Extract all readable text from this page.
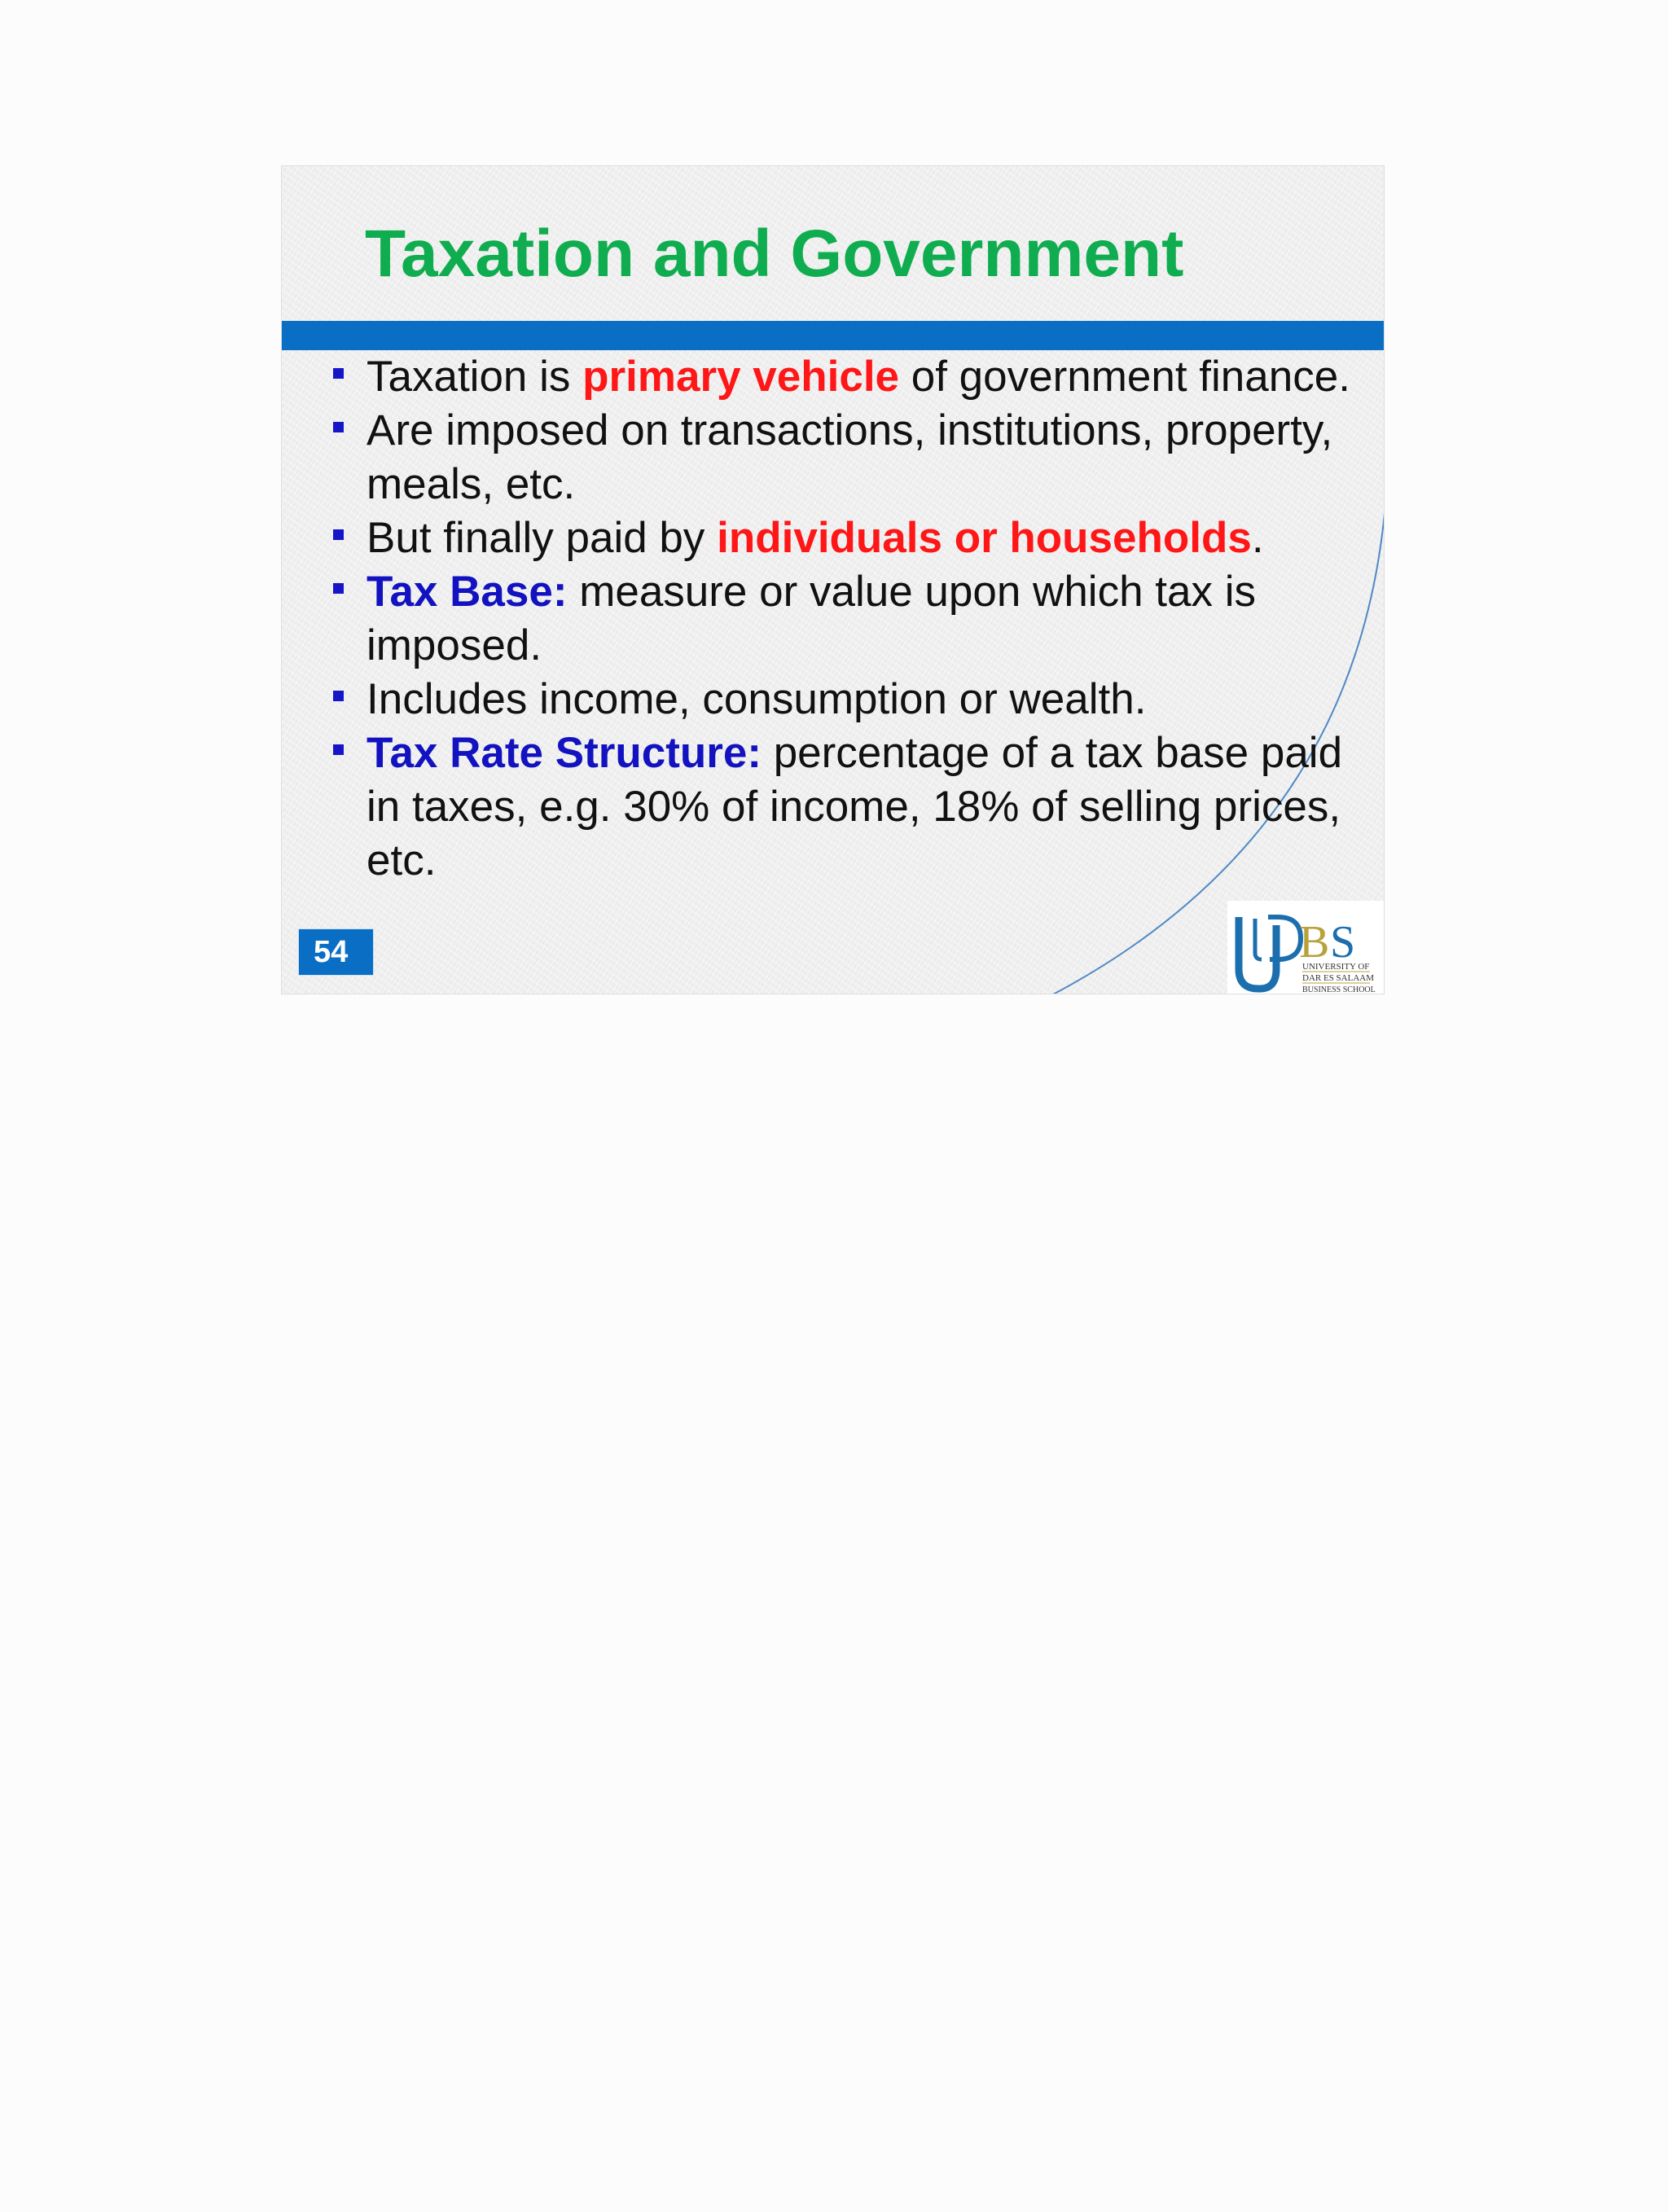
Taxation and Government
Taxation is primary vehicle of government finance.
Are imposed on transactions, institutions, property, meals, etc.
But finally paid by individuals or households.
Tax Base: measure or value upon which tax is imposed.
Includes income, consumption or wealth.
Tax Rate Structure: percentage of a tax base paid in taxes, e.g. 30% of income, 18% of selling prices, etc.
54	B S
UNIVERSITY OF
DAR ES SALAAM
BUSINESS SCHOOL
